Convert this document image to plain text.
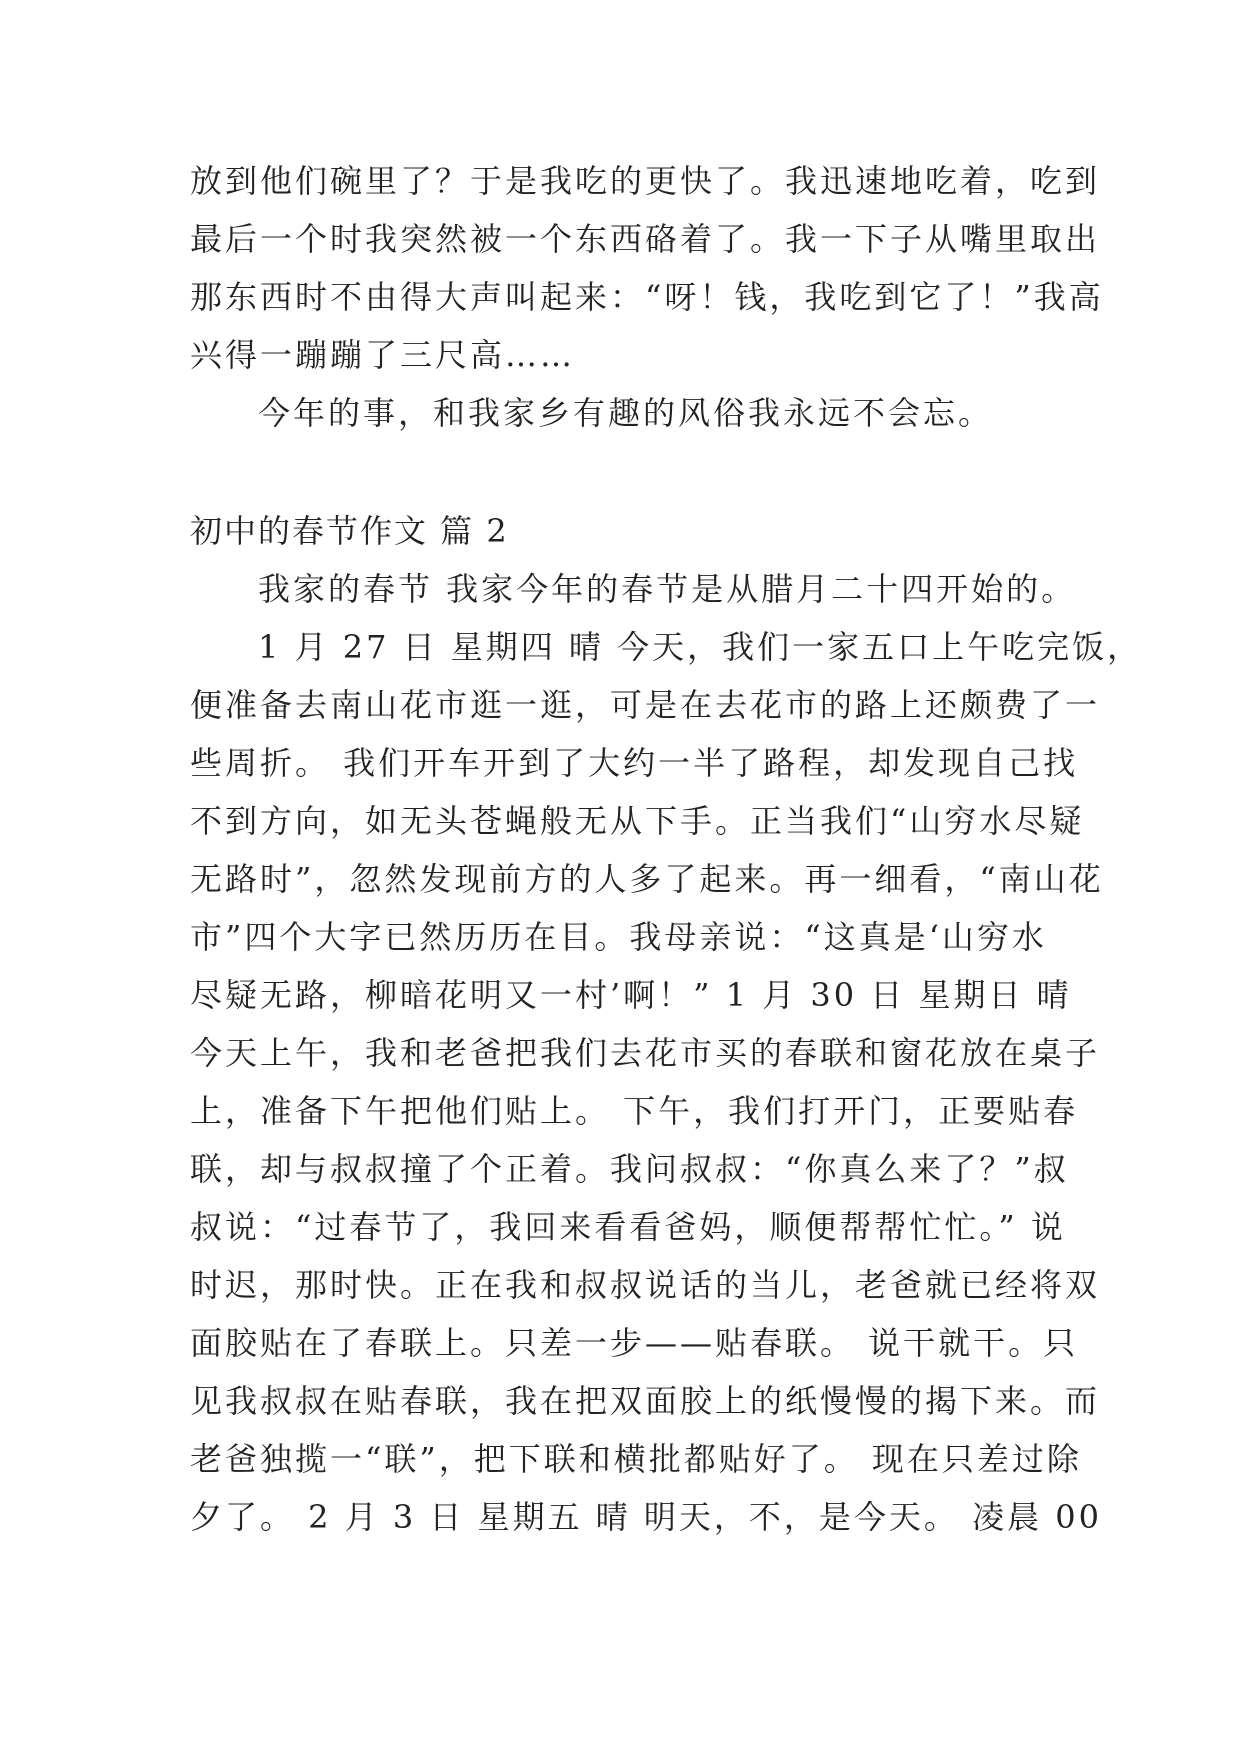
放到他们碗里了？于是我吃的更快了。我迅速地吃着，吃到

最后一个时我突然被一个东西硌着了。我一下子从嘴里取出

那东西时不由得大声叫起来：“呀！钱，我吃到它了！”我高

兴得一蹦蹦了三尺高……

今年的事，和我家乡有趣的风俗我永远不会忘。

初中的春节作文 篇 2

我家的春节 我家今年的春节是从腊月二十四开始的。

1 月 27 日 星期四 晴 今天，我们一家五口上午吃完饭，

便准备去南山花市逛一逛，可是在去花市的路上还颇费了一

些周折。 我们开车开到了大约一半了路程，却发现自己找

不到方向，如无头苍蝇般无从下手。正当我们“山穷水尽疑

无路时”，忽然发现前方的人多了起来。再一细看，“南山花

市”四个大字已然历历在目。我母亲说：“这真是‘山穷水

尽疑无路，柳暗花明又一村’啊！” 1 月 30 日 星期日 晴

今天上午，我和老爸把我们去花市买的春联和窗花放在桌子

上，准备下午把他们贴上。 下午，我们打开门，正要贴春

联，却与叔叔撞了个正着。我问叔叔：“你真么来了？”叔

叔说：“过春节了，我回来看看爸妈，顺便帮帮忙忙。” 说

时迟，那时快。正在我和叔叔说话的当儿，老爸就已经将双

面胶贴在了春联上。只差一步——贴春联。 说干就干。只

见我叔叔在贴春联，我在把双面胶上的纸慢慢的揭下来。而

老爸独揽一“联”，把下联和横批都贴好了。 现在只差过除

夕了。 2 月 3 日 星期五 晴 明天，不，是今天。 凌晨 00
